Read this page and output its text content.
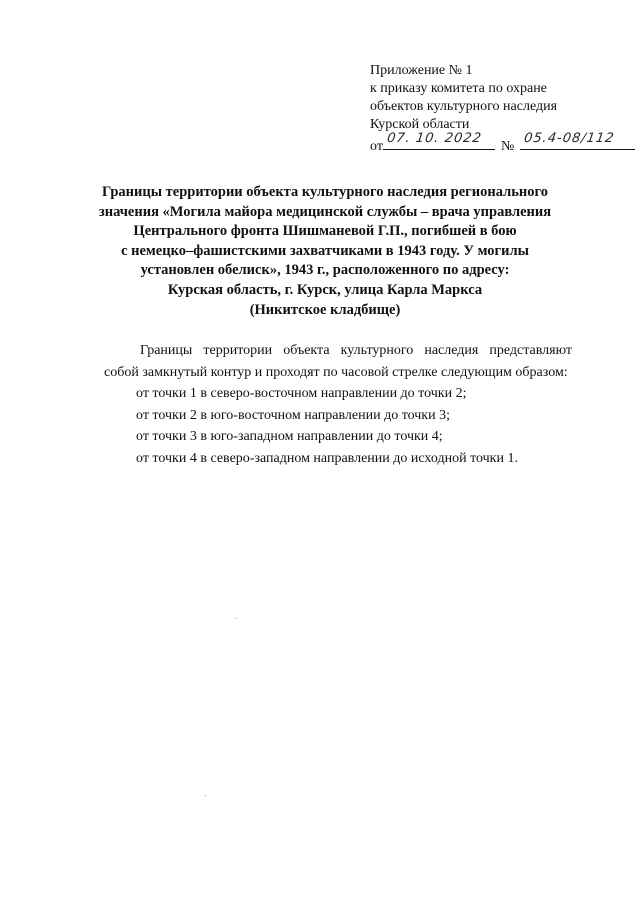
Приложение № 1
к приказу комитета по охране
объектов культурного наследия
Курской области
от
07. 10. 2022
№
05.4-08/112
Границы территории объекта культурного наследия регионального
значения «Могила майора медицинской службы – врача управления
Центрального фронта Шишманевой Г.П., погибшей в бою
с немецко–фашистскими захватчиками в 1943 году. У могилы
установлен обелиск», 1943 г., расположенного по адресу:
Курская область, г. Курск, улица Карла Маркса
(Никитское кладбище)

Границы территории объекта культурного наследия представляют собой замкнутый контур и проходят по часовой стрелке следующим образом:

от точки 1 в северо-восточном направлении до точки 2;
от точки 2 в юго-восточном направлении до точки 3;
от точки 3 в юго-западном направлении до точки 4;
от точки 4 в северо-западном направлении до исходной точки 1.
